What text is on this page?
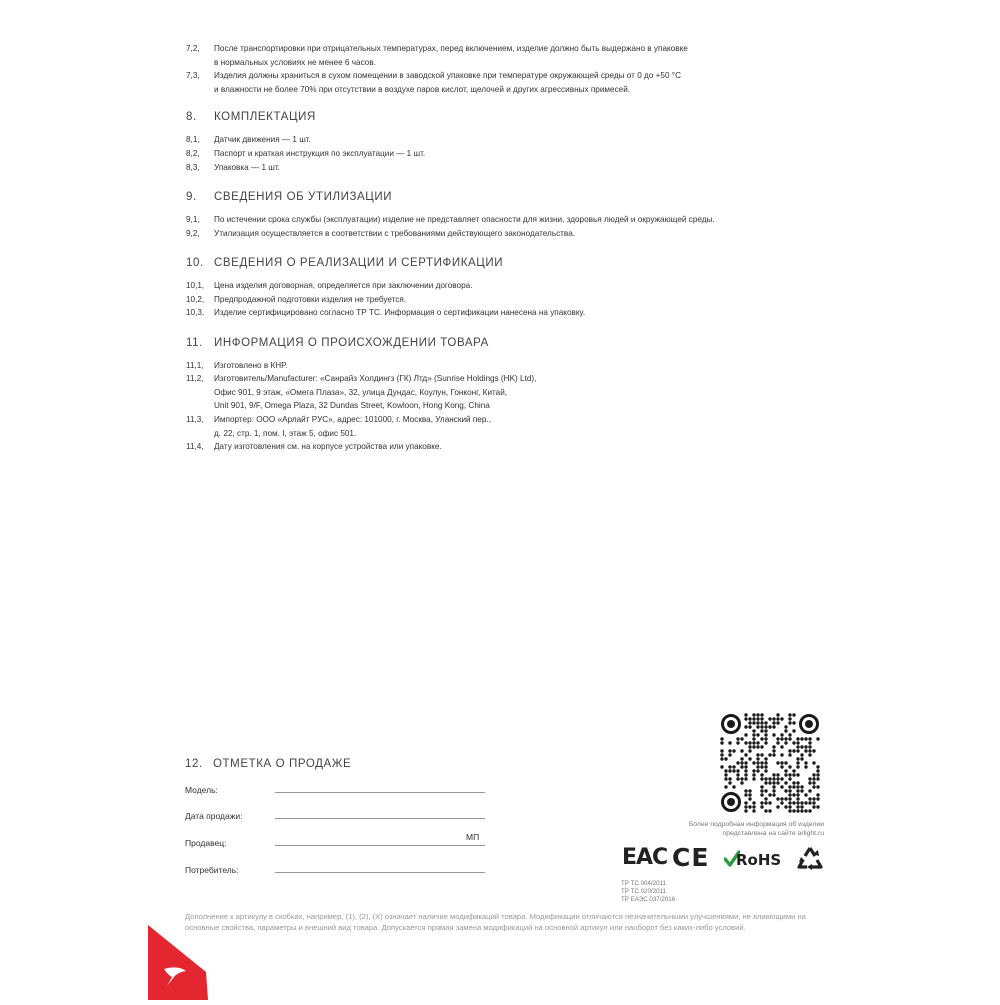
7,2, После транспортировки при отрицательных температурах, перед включением, изделие должно быть выдержано в упаковке
в нормальных условиях не менее 6 часов.
7,3, Изделия должны храниться в сухом помещении в заводской упаковке при температуре окружающей среды от 0 до +50 °С
и влажности не более 70% при отсутствии в воздухе паров кислот, щелочей и других агрессивных примесей.
8. КОМПЛЕКТАЦИЯ
8,1, Датчик движения — 1 шт.
8,2, Паспорт и краткая инструкция по эксплуатации — 1 шт.
8,3, Упаковка — 1 шт.
9. СВЕДЕНИЯ ОБ УТИЛИЗАЦИИ
9,1, По истечении срока службы (эксплуатации) изделие не представляет опасности для жизни, здоровья людей и окружающей среды.
9,2, Утилизация осуществляется в соответствии с требованиями действующего законодательства.
10. СВЕДЕНИЯ О РЕАЛИЗАЦИИ И СЕРТИФИКАЦИИ
10,1, Цена изделия договорная, определяется при заключении договора.
10,2, Предпродажной подготовки изделия не требуется.
10,3, Изделие сертифицировано согласно ТР ТС. Информация о сертификации нанесена на упаковку.
11. ИНФОРМАЦИЯ О ПРОИСХОЖДЕНИИ ТОВАРА
11,1, Изготовлено в КНР.
11,2, Изготовитель/Manufacturer: «Санрайз Холдингз (ГК) Лтд» (Sunrise Holdings (HK) Ltd),
Офис 901, 9 этаж, «Омега Плаза», 32, улица Дундас, Коулун, Гонконг, Китай,
Unit 901, 9/F, Omega Plaza, 32 Dundas Street, Kowloon, Hong Kong, China
11,3, Импортер: ООО «Арлайт РУС», адрес: 101000, г. Москва, Уланский пер.,
д. 22, стр. 1, пом. I, этаж 5, офис 501.
11,4, Дату изготовления см. на корпусе устройства или упаковке.
12. ОТМЕТКА О ПРОДАЖЕ
Модель:
Дата продажи:
Продавец:
МП
Потребитель:
Более подробная информация об изделии
представлена на сайте arlight.ru
EAC CE RoHS
ТР ТС 004/2011
ТР ТС 020/2011
ТР ЕАЭС 037/2016
Дополнение к артикулу в скобках, например, (1), (2), (X) означает наличие модификаций товара. Модификации отличаются незначительными улучшениями, не влияющими на основные свойства, параметры и внешний вид товара. Допускается прямая замена модификаций на основной артикул или наоборот без каких-либо условий.
